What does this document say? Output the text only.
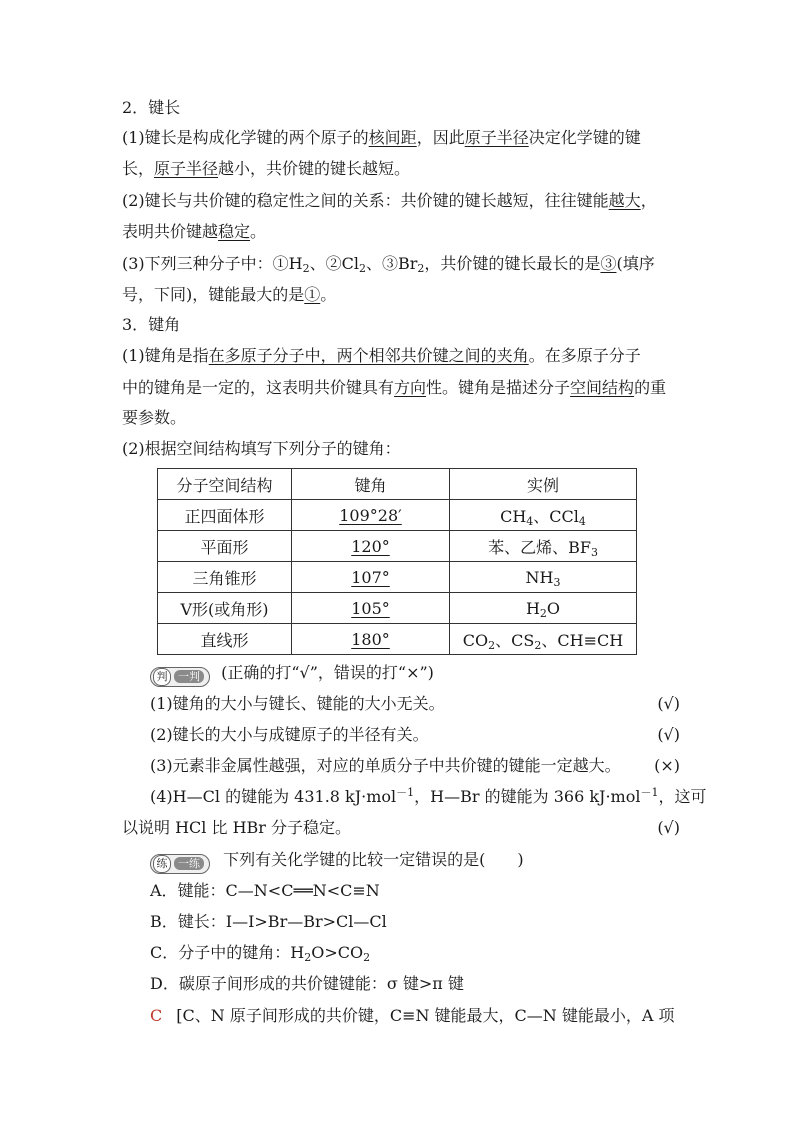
2．键长
(1)键长是构成化学键的两个原子的核间距，因此原子半径决定化学键的键
长，原子半径越小，共价键的键长越短。
(2)键长与共价键的稳定性之间的关系：共价键的键长越短，往往键能越大，
表明共价键越稳定。
(3)下列三种分子中：$①H_2$、$②Cl_2$、$③Br_2$，共价键的键长最长的是③(填序
号，下同)，键能最大的是①。
3．键角
(1)键角是指在多原子分子中，两个相邻共价键之间的夹角。在多原子分子
中的键角是一定的，这表明共价键具有方向性。键角是描述分子空间结构的重
要参数。
(2)根据空间结构填写下列分子的键角：
分子空间结构	键角	实例
正四面体形	109°28′	$CH_4$、CCl$_4$
平面形	120°	苯、乙烯、$BF_3$
三角锥形	107°	$NH_3$
V形(或角形)	105°	$H_2O$
直线形	180°	$CO_2$、$CS_2$、CH≡CH
判 一判 (正确的打“√”，错误的打“×”)
(1)键角的大小与键长、键能的大小无关。	(√)
(2)键长的大小与成键原子的半径有关。	(√)
(3)元素非金属性越强，对应的单质分子中共价键的键能一定越大。 (×)
(4)H—Cl 的键能为 431.8 kJ·mol$^{-1}$，H—Br 的键能为 366 kJ·mol$^{-1}$，这可
以说明 HCl 比 HBr 分子稳定。	(√)
练 一练 下列有关化学键的比较一定错误的是(　　)
A．键能：C—N<C══N<C≡N
B．键长：I—I>Br—Br>Cl—Cl
C．分子中的键角：$H_2O>CO_2$
D．碳原子间形成的共价键键能：σ 键>π 键
C [C、N 原子间形成的共价键，C≡N 键能最大，C—N 键能最小，A 项
